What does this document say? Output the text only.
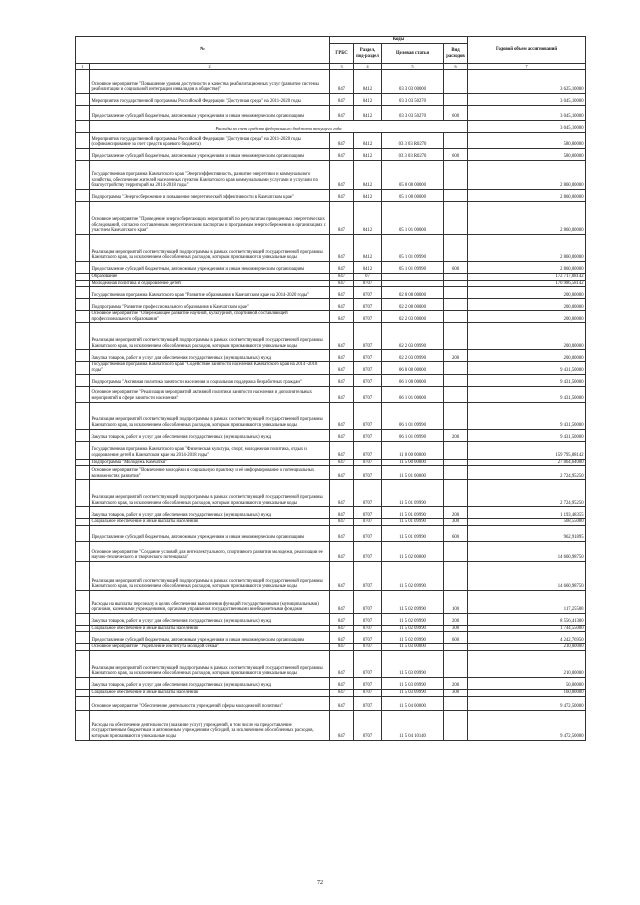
№		Коды				Годовой объем ассигнований
		ГРБС	Раздел, под-раздел	Целевая статья	Вид расходов	
1	2	3	4	5	6	7
	Основное мероприятие "Повышение уровня доступности и качества реабилитационных услуг (развитие системы реабилитации и социальной интеграции инвалидов в обществе)"	847	0412	03 3 03 00000		3 625,10000
	Мероприятия государственной программы Российской Федерации "Доступная среда" на 2011-2020 годы	847	0412	03 3 03 50270		3 045,10000
	Предоставление субсидий бюджетным, автономным учреждениям и иным некоммерческим организациям	847	0412	03 3 03 50270	600	3 045,10000
	Расходы за счет средств федерального бюджета текущего года					3 045,10000
	Мероприятия государственной программы Российской Федерации "Доступная среда" на 2011-2020 годы (софинансирование за счет средств краевого бюджета)	847	0412	03 3 03 R0270		580,00000
	Предоставление субсидий бюджетным, автономным учреждениям и иным некоммерческим организациям	847	0412	03 3 03 R0270	600	580,00000
	Государственная программа Камчатского края "Энергоэффективность, развитие энергетики и коммунального хозяйства, обеспечение жителей населенных пунктов Камчатского края коммунальными услугами и услугами по благоустройству территорий на 2014-2018 годы"	847	0412	05 0 00 00000		2 860,00000
	Подпрограмма "Энергосбережение и повышение энергетической эффективности в Камчатском крае"	847	0412	05 1 00 00000		2 860,00000
	Основное мероприятие "Проведение энергосберегающих мероприятий по результатам проведенных энергетических обследований, согласно составленным энергетическим паспортам и программам энергосбережения в организациях с участием Камчатского края"	847	0412	05 1 01 00000		2 860,00000
	Реализация мероприятий соответствующей подпрограммы в рамках соответствующей государственной программы Камчатского края, за исключением обособленных расходов, которым присваиваются уникальные коды	847	0412	05 1 01 09990		2 860,00000
	Предоставление субсидий бюджетным, автономным учреждениям и иным некоммерческим организациям	847	0412	05 1 01 09990	600	2 860,00000
	Образование	847	07			172 717,08142
	Молодежная политика и оздоровление детей	847	0707			170 986,58142
	Государственная программа Камчатского края "Развитие образования в Камчатском крае на 2014-2020 годы"	847	0707	02 0 00 00000		200,00000
	Подпрограмма "Развитие профессионального образования в Камчатском крае"	847	0707	02 2 00 00000		200,00000
	Основное мероприятие "Опережающее развитие научной, культурной, спортивной составляющей профессионального образования"	847	0707	02 2 03 00000		200,00000
	Реализация мероприятий соответствующей подпрограммы в рамках соответствующей государственной программы Камчатского края, за исключением обособленных расходов, которым присваиваются уникальные коды	847	0707	02 2 03 09990		200,00000
	Закупка товаров, работ и услуг для обеспечения государственных (муниципальных) нужд	847	0707	02 2 03 09990	200	200,00000
	Государственная программа Камчатского края "Содействие занятости населения Камчатского края на 2014 -2018 годы"	847	0707	06 0 00 00000		9 431,50000
	Подпрограмма "Активная политика занятости населения и социальная поддержка безработных граждан"	847	0707	06 1 00 00000		9 431,50000
	Основное мероприятие "Реализация мероприятий активной политики занятости населения и дополнительных мероприятий в сфере занятости населения"	847	0707	06 1 01 00000		9 431,50000
	Реализация мероприятий соответствующей подпрограммы в рамках соответствующей государственной программы Камчатского края, за исключением обособленных расходов, которым присваиваются уникальные коды	847	0707	06 1 01 09990		9 431,50000
	Закупка товаров, работ и услуг для обеспечения государственных (муниципальных) нужд	847	0707	06 1 01 09990	200	9 431,50000
	Государственная программа Камчатского края "Физическая культура, спорт, молодежная политика, отдых и оздоровление детей в Камчатском крае на 2014-2018 годы"	847	0707	11 0 00 00000		159 795,08142
	Подпрограмма "Молодежь Камчатки"	847	0707	11 5 00 00000		27 064,64000
	Основное мероприятие "Вовлечение молодёжи в социальную практику и её информирование о потенциальных возможностях развития"	847	0707	11 5 01 00000		2 724,95250
	Реализация мероприятий соответствующей подпрограммы в рамках соответствующей государственной программы Камчатского края, за исключением обособленных расходов, которым присваиваются уникальные коды	847	0707	11 5 01 09990		2 724,95250
	Закупка товаров, работ и услуг для обеспечения государственных (муниципальных) нужд	847	0707	11 5 01 09990	200	1 193,48355
	Социальное обеспечение и иные выплаты населению	847	0707	11 5 01 09990	300	568,55000
	Предоставление субсидий бюджетным, автономным учреждениям и иным некоммерческим организациям	847	0707	11 5 01 09990	600	962,91895
	Основное мероприятие "Создание условий для интеллектуального, спортивного развития молодежи, реализации ее научно-технического и творческого потенциала"	847	0707	11 5 02 00000		14 660,98750
	Реализация мероприятий соответствующей подпрограммы в рамках соответствующей государственной программы Камчатского края, за исключением обособленных расходов, которым присваиваются уникальные коды	847	0707	11 5 02 09990		14 660,98750
	Расходы на выплаты персоналу в целях обеспечения выполнения функций государственными (муниципальными) органами, казенными учреждениями, органами управления государственными внебюджетными фондами	847	0707	11 5 02 09990	100	117,25500
	Закупка товаров, работ и услуг для обеспечения государственных (муниципальных) нужд	847	0707	11 5 02 09990	200	8 556,41300
	Социальное обеспечение и иные выплаты населению	847	0707	11 5 02 09990	300	1 744,55000
	Предоставление субсидий бюджетным, автономным учреждениям и иным некоммерческим организациям	847	0707	11 5 02 09990	600	4 242,76950
	Основное мероприятие "Укрепление института молодой семьи"	847	0707	11 5 03 00000		210,00000
	Реализация мероприятий соответствующей подпрограммы в рамках соответствующей государственной программы Камчатского края, за исключением обособленных расходов, которым присваиваются уникальные коды	847	0707	11 5 03 09990		210,00000
	Закупка товаров, работ и услуг для обеспечения государственных (муниципальных) нужд	847	0707	11 5 03 09990	200	50,00000
	Социальное обеспечение и иные выплаты населению	847	0707	11 5 03 09990	300	160,00000
	Основное мероприятие "Обеспечение деятельности учреждений сферы молодежной политики"	847	0707	11 5 04 00000		9 472,50000
	Расходы на обеспечение деятельности (оказание услуг) учреждений, в том числе на предоставление государственным бюджетным и автономным учреждениям субсидий, за исключением обособленных расходов, которым присваиваются уникальные коды	847	0707	11 5 04 10140		9 472,50000
72
